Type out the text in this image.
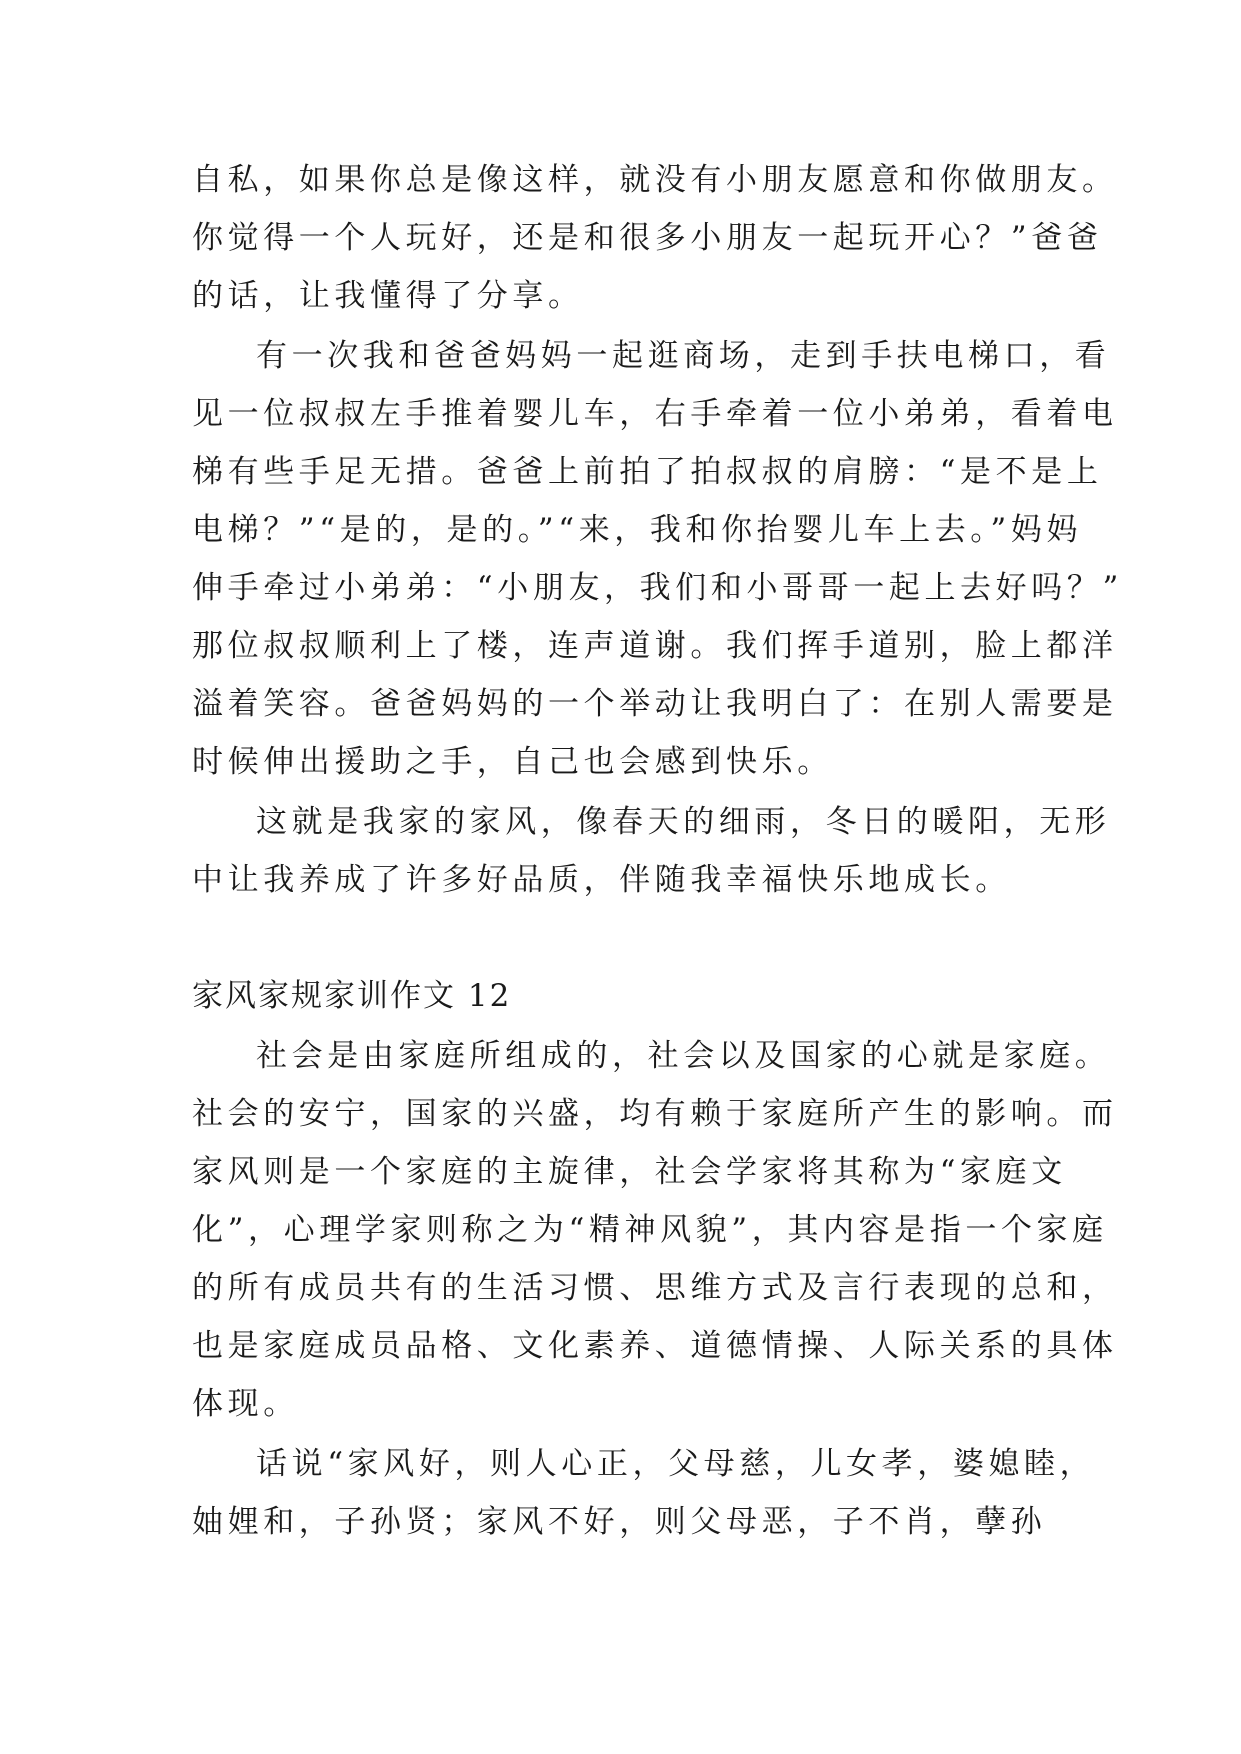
自私，如果你总是像这样，就没有小朋友愿意和你做朋友。
你觉得一个人玩好，还是和很多小朋友一起玩开心？”爸爸
的话，让我懂得了分享。
有一次我和爸爸妈妈一起逛商场，走到手扶电梯口，看
见一位叔叔左手推着婴儿车，右手牵着一位小弟弟，看着电
梯有些手足无措。爸爸上前拍了拍叔叔的肩膀：“是不是上
电梯？”“是的，是的。”“来，我和你抬婴儿车上去。”妈妈
伸手牵过小弟弟：“小朋友，我们和小哥哥一起上去好吗？”
那位叔叔顺利上了楼，连声道谢。我们挥手道别，脸上都洋
溢着笑容。爸爸妈妈的一个举动让我明白了：在别人需要是
时候伸出援助之手，自己也会感到快乐。
这就是我家的家风，像春天的细雨，冬日的暖阳，无形
中让我养成了许多好品质，伴随我幸福快乐地成长。
家风家规家训作文 12
社会是由家庭所组成的，社会以及国家的心就是家庭。
社会的安宁，国家的兴盛，均有赖于家庭所产生的影响。而
家风则是一个家庭的主旋律，社会学家将其称为“家庭文
化”，心理学家则称之为“精神风貌”，其内容是指一个家庭
的所有成员共有的生活习惯、思维方式及言行表现的总和，
也是家庭成员品格、文化素养、道德情操、人际关系的具体
体现。
话说“家风好，则人心正，父母慈，儿女孝，婆媳睦，
妯娌和，子孙贤；家风不好，则父母恶，子不肖，孽孙
